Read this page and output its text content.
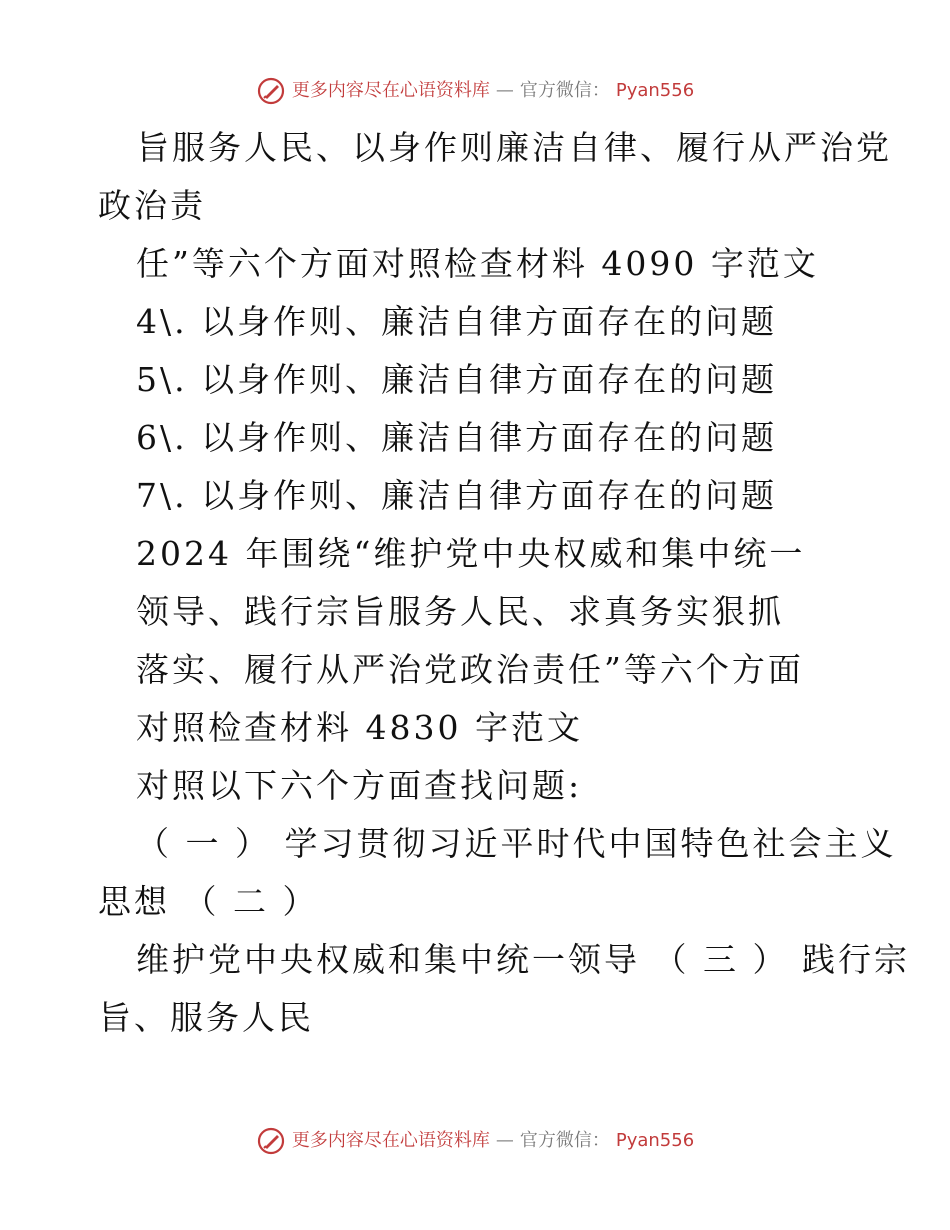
更多内容尽在心语资料库 — 官方微信： Pyan556
旨服务人民、以身作则廉洁自律、履行从严治党
政治责
任”等六个方面对照检查材料 4090 字范文
4\. 以身作则、廉洁自律方面存在的问题
5\. 以身作则、廉洁自律方面存在的问题
6\. 以身作则、廉洁自律方面存在的问题
7\. 以身作则、廉洁自律方面存在的问题
2024 年围绕“维护党中央权威和集中统一
领导、践行宗旨服务人民、求真务实狠抓
落实、履行从严治党政治责任”等六个方面
对照检查材料 4830 字范文
对照以下六个方面查找问题:
（ 一 ） 学习贯彻习近平时代中国特色社会主义
思想 （ 二 ）
维护党中央权威和集中统一领导 （ 三 ） 践行宗
旨、服务人民
更多内容尽在心语资料库 — 官方微信： Pyan556
